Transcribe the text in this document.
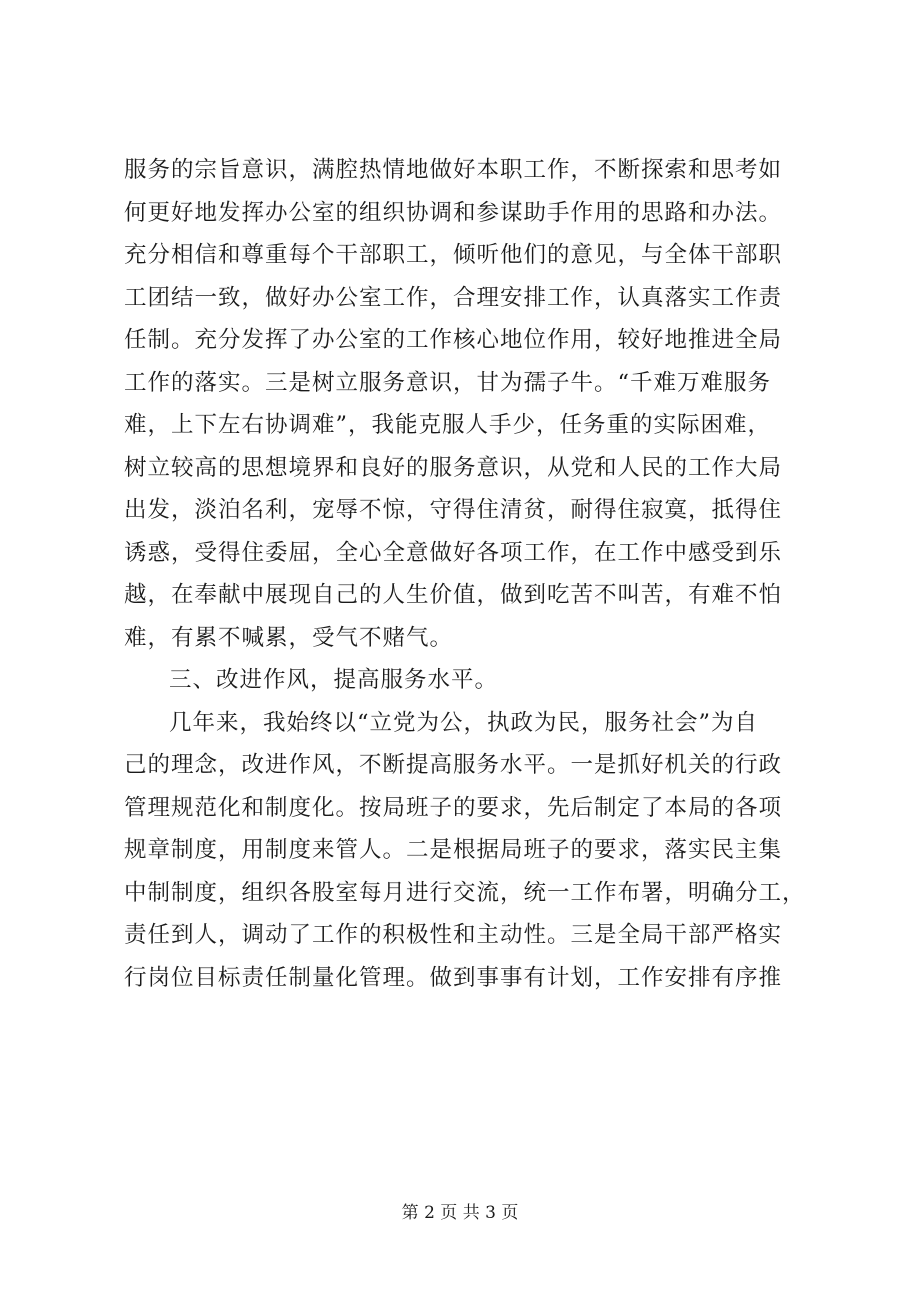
服务的宗旨意识，满腔热情地做好本职工作，不断探索和思考如
何更好地发挥办公室的组织协调和参谋助手作用的思路和办法。
充分相信和尊重每个干部职工，倾听他们的意见，与全体干部职
工团结一致，做好办公室工作，合理安排工作，认真落实工作责
任制。充分发挥了办公室的工作核心地位作用，较好地推进全局
工作的落实。三是树立服务意识，甘为孺子牛。“千难万难服务
难，上下左右协调难”，我能克服人手少，任务重的实际困难，
树立较高的思想境界和良好的服务意识，从党和人民的工作大局
出发，淡泊名利，宠辱不惊，守得住清贫，耐得住寂寞，抵得住
诱惑，受得住委屈，全心全意做好各项工作，在工作中感受到乐
越，在奉献中展现自己的人生价值，做到吃苦不叫苦，有难不怕
难，有累不喊累，受气不赌气。
三、改进作风，提高服务水平。
几年来，我始终以“立党为公，执政为民，服务社会”为自
己的理念，改进作风，不断提高服务水平。一是抓好机关的行政
管理规范化和制度化。按局班子的要求，先后制定了本局的各项
规章制度，用制度来管人。二是根据局班子的要求，落实民主集
中制制度，组织各股室每月进行交流，统一工作布署，明确分工，
责任到人，调动了工作的积极性和主动性。三是全局干部严格实
行岗位目标责任制量化管理。做到事事有计划，工作安排有序推
第 2 页 共 3 页
